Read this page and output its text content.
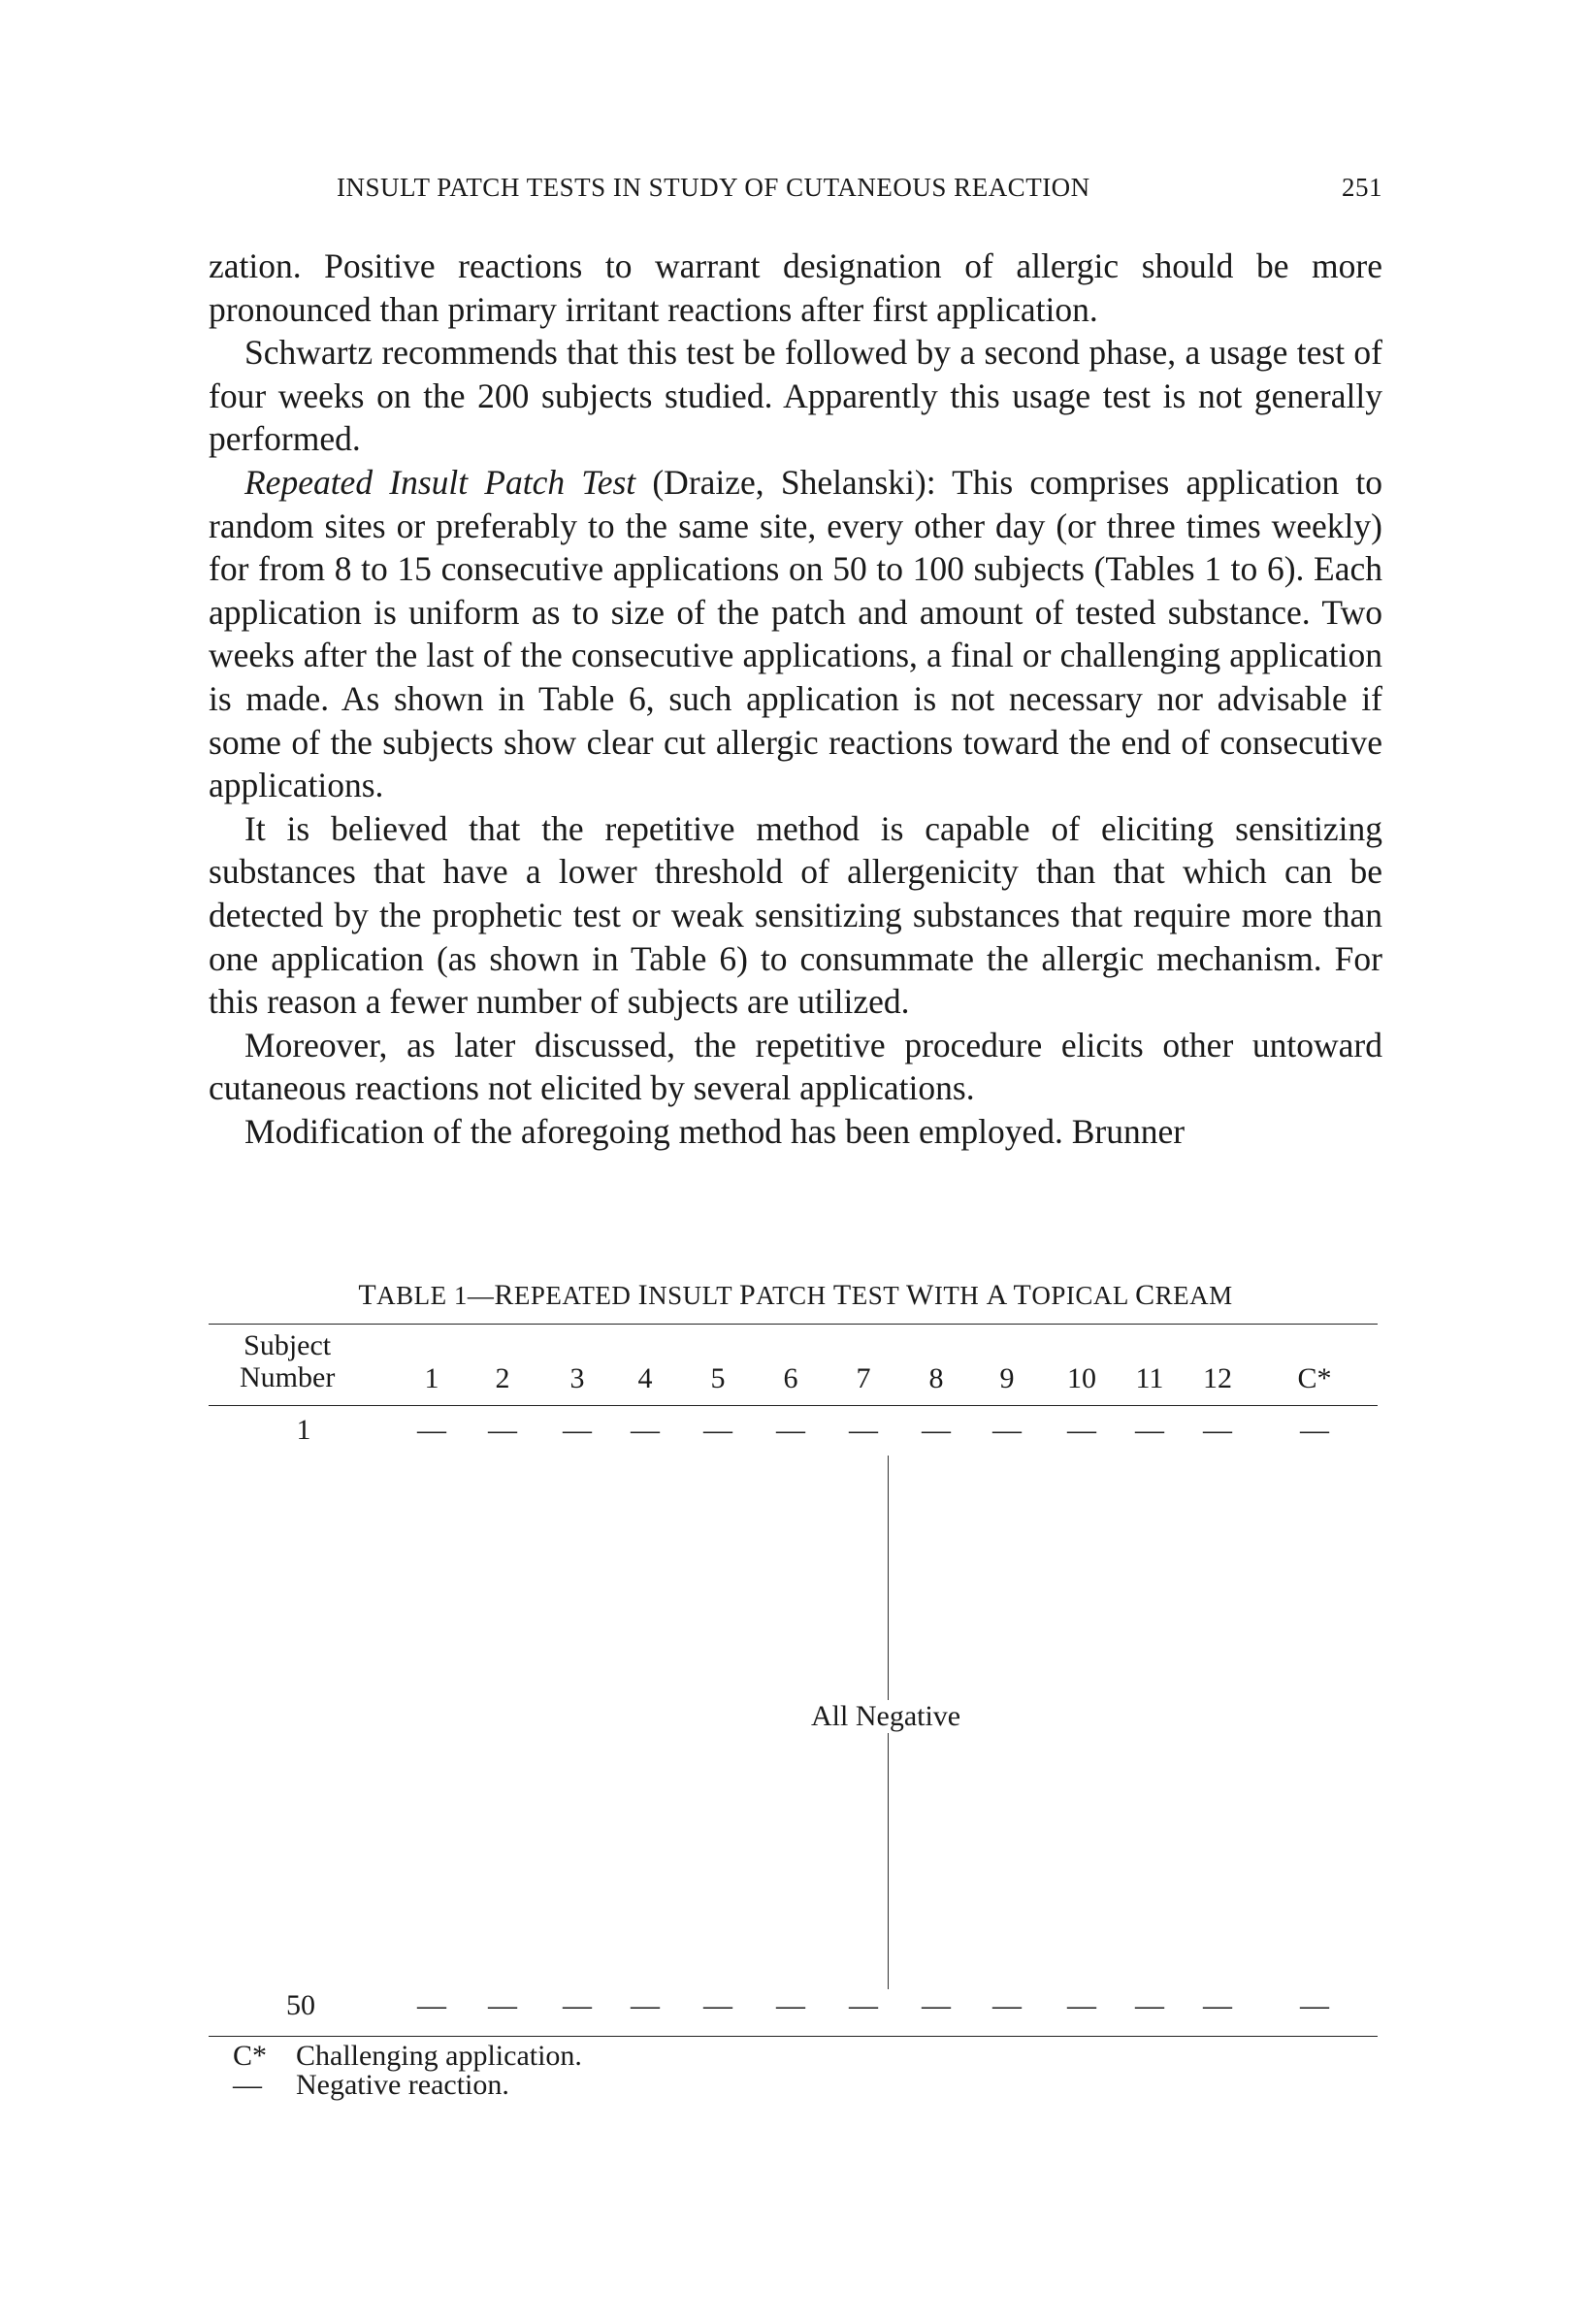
INSULT PATCH TESTS IN STUDY OF CUTANEOUS REACTION	251

zation. Positive reactions to warrant designation of allergic should be more pronounced than primary irritant reactions after first application.

Schwartz recommends that this test be followed by a second phase, a usage test of four weeks on the 200 subjects studied. Apparently this usage test is not generally performed.

Repeated Insult Patch Test (Draize, Shelanski): This comprises application to random sites or preferably to the same site, every other day (or three times weekly) for from 8 to 15 consecutive applications on 50 to 100 subjects (Tables 1 to 6). Each application is uniform as to size of the patch and amount of tested substance. Two weeks after the last of the consecutive applications, a final or challenging application is made. As shown in Table 6, such application is not necessary nor advisable if some of the subjects show clear cut allergic reactions toward the end of consecutive applications.

It is believed that the repetitive method is capable of eliciting sensitizing substances that have a lower threshold of allergenicity than that which can be detected by the prophetic test or weak sensitizing substances that require more than one application (as shown in Table 6) to consummate the allergic mechanism. For this reason a fewer number of subjects are utilized.

Moreover, as later discussed, the repetitive procedure elicits other untoward cutaneous reactions not elicited by several applications.

Modification of the aforegoing method has been employed. Brunner

TABLE 1—REPEATED INSULT PATCH TEST WITH A TOPICAL CREAM
Subject
Number	1	2	3	4	5	6	7	8	9	10	11	12	C*
1	— — — — — — — — — — — — —
All Negative
50	— — — — — — — — — — — — —
C* Challenging application.
—	Negative reaction.
